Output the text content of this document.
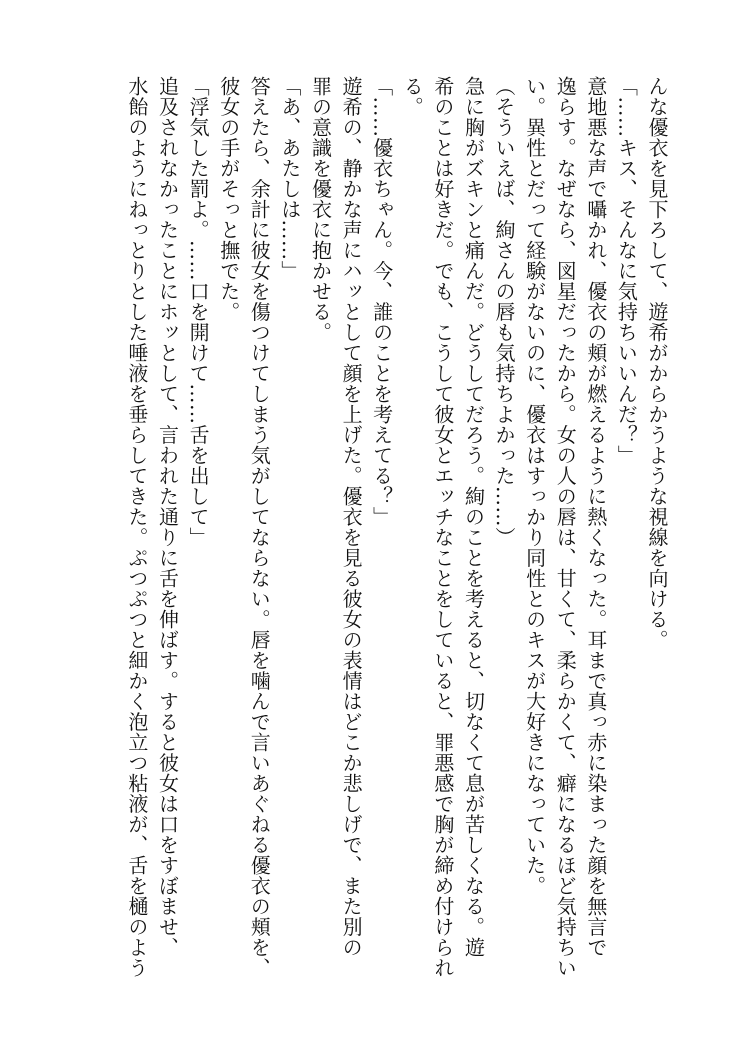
んな優衣を見下ろして、遊希がからかうような視線を向ける。
「……キス、そんなに気持ちいいんだ？」
意地悪な声で囁かれ、優衣の頬が燃えるように熱くなった。耳まで真っ赤に染まった顔を無言で
逸らす。なぜなら、図星だったから。女の人の唇は、甘くて、柔らかくて、癖になるほど気持ちい
い。異性とだって経験がないのに、優衣はすっかり同性とのキスが大好きになっていた。
（そういえば、絢さんの唇も気持ちよかった……）
急に胸がズキンと痛んだ。どうしてだろう。絢のことを考えると、切なくて息が苦しくなる。遊
希のことは好きだ。でも、こうして彼女とエッチなことをしていると、罪悪感で胸が締め付けられ
る。
「……優衣ちゃん。今、誰のことを考えてる？」
遊希の、静かな声にハッとして顔を上げた。優衣を見る彼女の表情はどこか悲しげで、また別の
罪の意識を優衣に抱かせる。
「あ、あたしは……」
答えたら、余計に彼女を傷つけてしまう気がしてならない。唇を噛んで言いあぐねる優衣の頬を、
彼女の手がそっと撫でた。
「浮気した罰よ。……口を開けて……舌を出して」
追及されなかったことにホッとして、言われた通りに舌を伸ばす。すると彼女は口をすぼませ、
水飴のようにねっとりとした唾液を垂らしてきた。ぷつぷつと細かく泡立つ粘液が、舌を樋のよう
